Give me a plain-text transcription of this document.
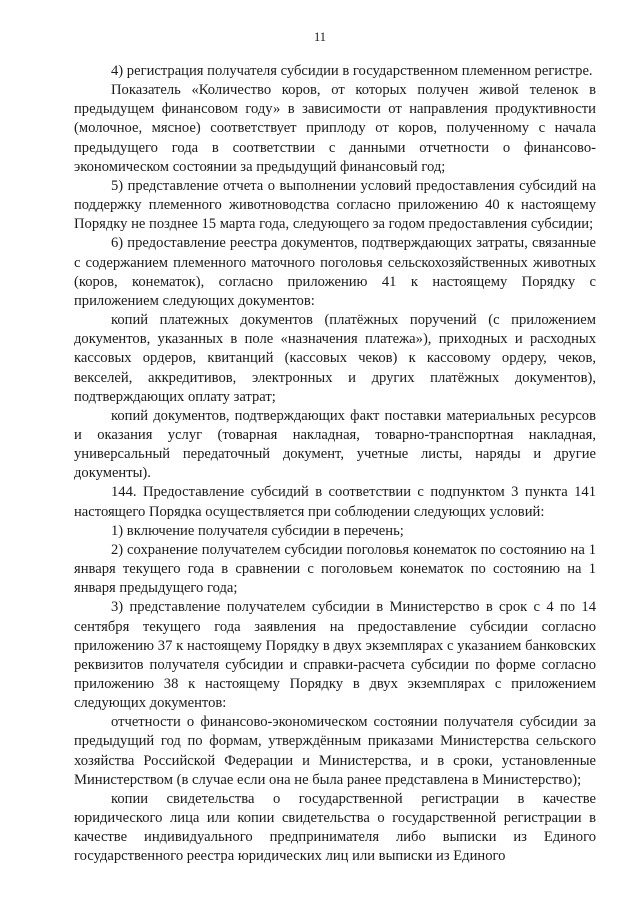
11

4) регистрация получателя субсидии в государственном племенном регистре.

Показатель «Количество коров, от которых получен живой теленок в предыдущем финансовом году» в зависимости от направления продуктивности (молочное, мясное) соответствует приплоду от коров, полученному с начала предыдущего года в соответствии с данными отчетности о финансово-экономическом состоянии за предыдущий финансовый год;

5) представление отчета о выполнении условий предоставления субсидий на поддержку племенного животноводства согласно приложению 40 к настоящему Порядку не позднее 15 марта года, следующего за годом предоставления субсидии;

6) предоставление реестра документов, подтверждающих затраты, связанные с содержанием племенного маточного поголовья сельскохозяйственных животных (коров, конематок), согласно приложению 41 к настоящему Порядку с приложением следующих документов:

копий платежных документов (платёжных поручений (с приложением документов, указанных в поле «назначения платежа»), приходных и расходных кассовых ордеров, квитанций (кассовых чеков) к кассовому ордеру, чеков, векселей, аккредитивов, электронных и других платёжных документов), подтверждающих оплату затрат;

копий документов, подтверждающих факт поставки материальных ресурсов и оказания услуг (товарная накладная, товарно-транспортная накладная, универсальный передаточный документ, учетные листы, наряды и другие документы).

144. Предоставление субсидий в соответствии с подпунктом 3 пункта 141 настоящего Порядка осуществляется при соблюдении следующих условий:

1) включение получателя субсидии в перечень;

2) сохранение получателем субсидии поголовья конематок по состоянию на 1 января текущего года в сравнении с поголовьем конематок по состоянию на 1 января предыдущего года;

3) представление получателем субсидии в Министерство в срок с 4 по 14 сентября текущего года заявления на предоставление субсидии согласно приложению 37 к настоящему Порядку в двух экземплярах с указанием банковских реквизитов получателя субсидии и справки-расчета субсидии по форме согласно приложению 38 к настоящему Порядку в двух экземплярах с приложением следующих документов:

отчетности о финансово-экономическом состоянии получателя субсидии за предыдущий год по формам, утверждённым приказами Министерства сельского хозяйства Российской Федерации и Министерства, и в сроки, установленные Министерством (в случае если она не была ранее представлена в Министерство);

копии свидетельства о государственной регистрации в качестве юридического лица или копии свидетельства о государственной регистрации в качестве индивидуального предпринимателя либо выписки из Единого государственного реестра юридических лиц или выписки из Единого
